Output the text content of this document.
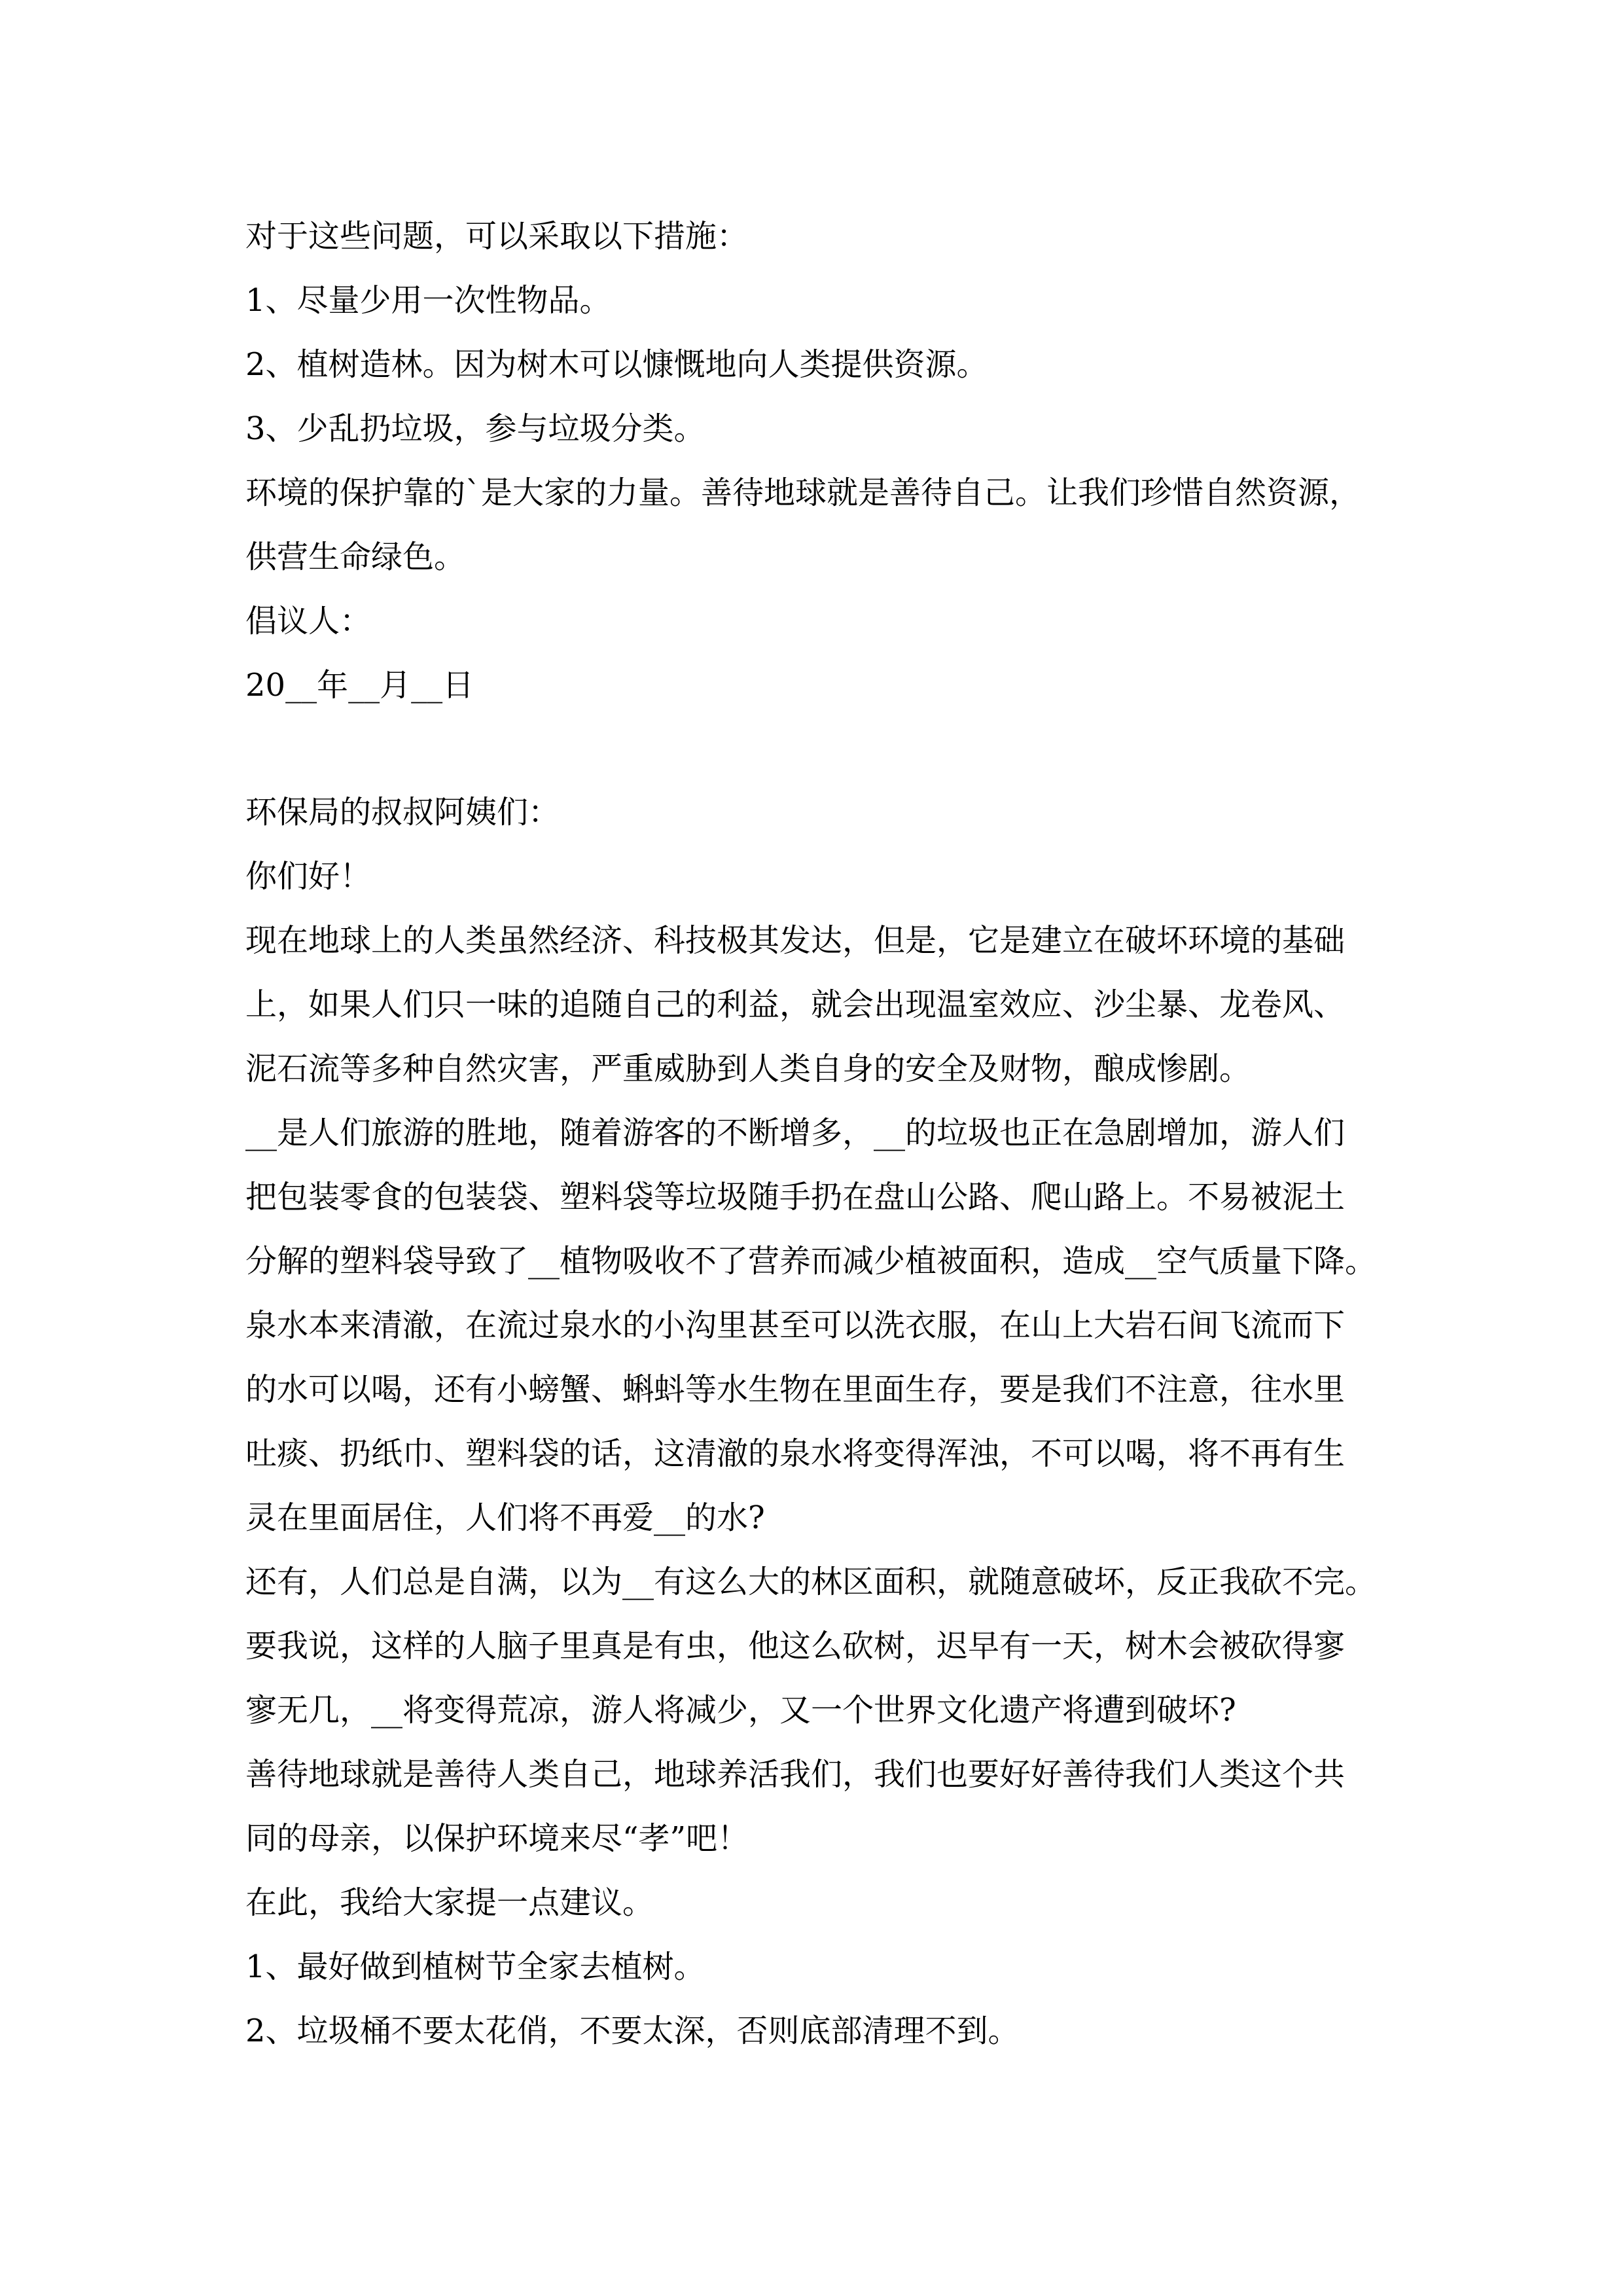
对于这些问题，可以采取以下措施：
1、尽量少用一次性物品。
2、植树造林。因为树木可以慷慨地向人类提供资源。
3、少乱扔垃圾，参与垃圾分类。
环境的保护靠的`是大家的力量。善待地球就是善待自己。让我们珍惜自然资源，
供营生命绿色。
倡议人：
20__年__月__日
环保局的叔叔阿姨们：
你们好！
现在地球上的人类虽然经济、科技极其发达，但是，它是建立在破坏环境的基础
上，如果人们只一味的追随自己的利益，就会出现温室效应、沙尘暴、龙卷风、
泥石流等多种自然灾害，严重威胁到人类自身的安全及财物，酿成惨剧。
__是人们旅游的胜地，随着游客的不断增多，__的垃圾也正在急剧增加，游人们
把包装零食的包装袋、塑料袋等垃圾随手扔在盘山公路、爬山路上。不易被泥土
分解的塑料袋导致了__植物吸收不了营养而减少植被面积，造成__空气质量下降。
泉水本来清澈，在流过泉水的小沟里甚至可以洗衣服，在山上大岩石间飞流而下
的水可以喝，还有小螃蟹、蝌蚪等水生物在里面生存，要是我们不注意，往水里
吐痰、扔纸巾、塑料袋的话，这清澈的泉水将变得浑浊，不可以喝，将不再有生
灵在里面居住，人们将不再爱__的水?
还有，人们总是自满，以为__有这么大的林区面积，就随意破坏，反正我砍不完。
要我说，这样的人脑子里真是有虫，他这么砍树，迟早有一天，树木会被砍得寥
寥无几，__将变得荒凉，游人将减少，又一个世界文化遗产将遭到破坏?
善待地球就是善待人类自己，地球养活我们，我们也要好好善待我们人类这个共
同的母亲，以保护环境来尽“孝”吧！
在此，我给大家提一点建议。
1、最好做到植树节全家去植树。
2、垃圾桶不要太花俏，不要太深，否则底部清理不到。
